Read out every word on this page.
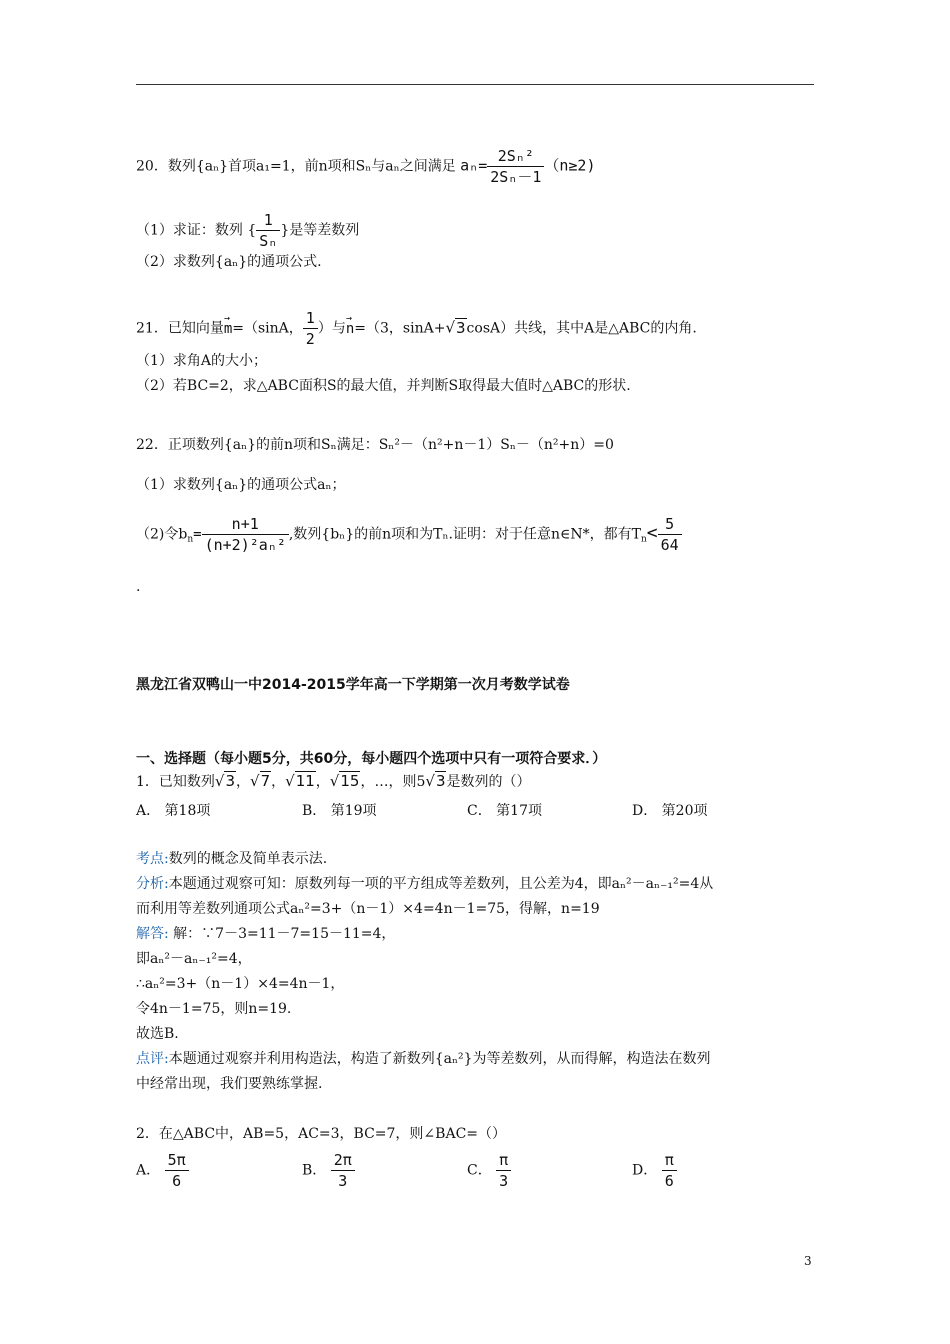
20．数列{aₙ}首项a₁=1，前n项和Sₙ与aₙ之间满足 $a_n= \frac{\text{2Sₙ²}}{\text{2Sₙ－1}} (n\ge 2)$
（1）求证：数列 { $\frac{1}{\text{Sₙ}}$ }是等差数列
（2）求数列{aₙ}的通项公式.
21．已知向量→ m=（sinA， $\frac{1}{2}$ ）与→ n=（3，sinA+√3cosA）共线，其中A是△ABC的内角.
（1）求角A的大小；
（2）若BC=2，求△ABC面积S的最大值，并判断S取得最大值时△ABC的形状.
22．正项数列{aₙ}的前n项和Sₙ满足：Sₙ²－（n²+n－1）Sₙ－（n²+n）=0
（1）求数列{aₙ}的通项公式aₙ；
（2)令$b_n= \frac{n+1}{\text{(n+2)²aₙ²}}$ ,数列{bₙ}的前n项和为Tₙ.证明：对于任意n∈N*，都有$T_n< \frac{5}{64}$
.
黑龙江省双鸭山一中2014-2015学年高一下学期第一次月考数学试卷
一、选择题（每小题5分，共60分，每小题四个选项中只有一项符合要求．）
1．已知数列√3，√7，√11，√15，…，则5√3是数列的（）
A． 第18项	B． 第19项	C． 第17项	D． 第20项
考点:数列的概念及简单表示法.
分析:本题通过观察可知：原数列每一项的平方组成等差数列，且公差为4，即aₙ²－aₙ₋₁²=4从
而利用等差数列通项公式aₙ²=3+（n－1）×4=4n－1=75，得解，n=19
解答: 解：∵7－3=11－7=15－11=4，
即aₙ²－aₙ₋₁²=4，
∴aₙ²=3+（n－1）×4=4n－1，
令4n－1=75，则n=19.
故选B.
点评:本题通过观察并利用构造法，构造了新数列{aₙ²}为等差数列，从而得解，构造法在数列
中经常出现，我们要熟练掌握.
2．在△ABC中，AB=5，AC=3，BC=7，则∠BAC=（）
A． $\frac{5\pi}{6}$	B． $\frac{2\pi}{3}$	C． $\frac{\pi}{3}$	D． $\frac{\pi}{6}$
3
